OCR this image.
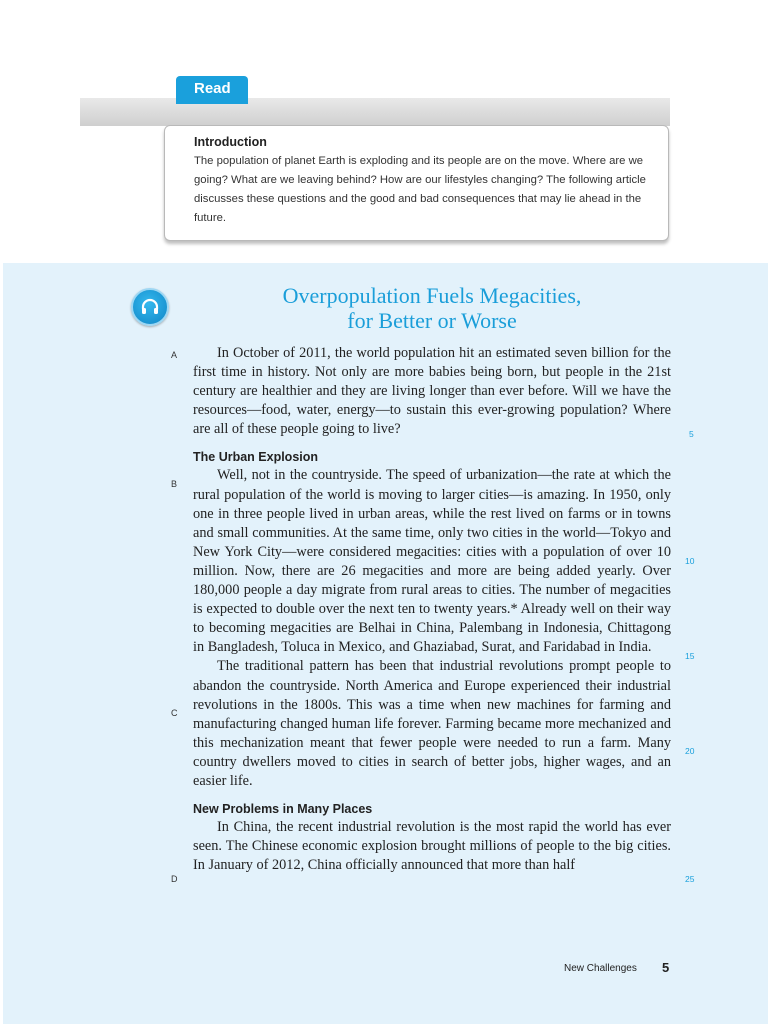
Read

Introduction

The population of planet Earth is exploding and its people are on the move. Where are we going? What are we leaving behind? How are our lifestyles changing? The following article discusses these questions and the good and bad consequences that may lie ahead in the future.

Overpopulation Fuels Megacities,
for Better or Worse
A
B
C
D
5
10
15
20
25

In October of 2011, the world population hit an estimated seven billion for the first time in history. Not only are more babies being born, but people in the 21st century are healthier and they are living longer than ever before. Will we have the resources—food, water, energy—to sustain this ever-growing population? Where are all of these people going to live?

The Urban Explosion

Well, not in the countryside. The speed of urbanization—the rate at which the rural population of the world is moving to larger cities—is amazing. In 1950, only one in three people lived in urban areas, while the rest lived on farms or in towns and small communities. At the same time, only two cities in the world—Tokyo and New York City—were considered megacities: cities with a population of over 10 million. Now, there are 26 megacities and more are being added yearly. Over 180,000 people a day migrate from rural areas to cities. The number of megacities is expected to double over the next ten to twenty years.* Already well on their way to becoming megacities are Belhai in China, Palembang in Indonesia, Chittagong in Bangladesh, Toluca in Mexico, and Ghaziabad, Surat, and Faridabad in India.

The traditional pattern has been that industrial revolutions prompt people to abandon the countryside. North America and Europe experienced their industrial revolutions in the 1800s. This was a time when new machines for farming and manufacturing changed human life forever. Farming became more mechanized and this mechanization meant that fewer people were needed to run a farm. Many country dwellers moved to cities in search of better jobs, higher wages, and an easier life.

New Problems in Many Places

In China, the recent industrial revolution is the most rapid the world has ever seen. The Chinese economic explosion brought millions of people to the big cities. In January of 2012, China officially announced that more than half

New Challenges 5
